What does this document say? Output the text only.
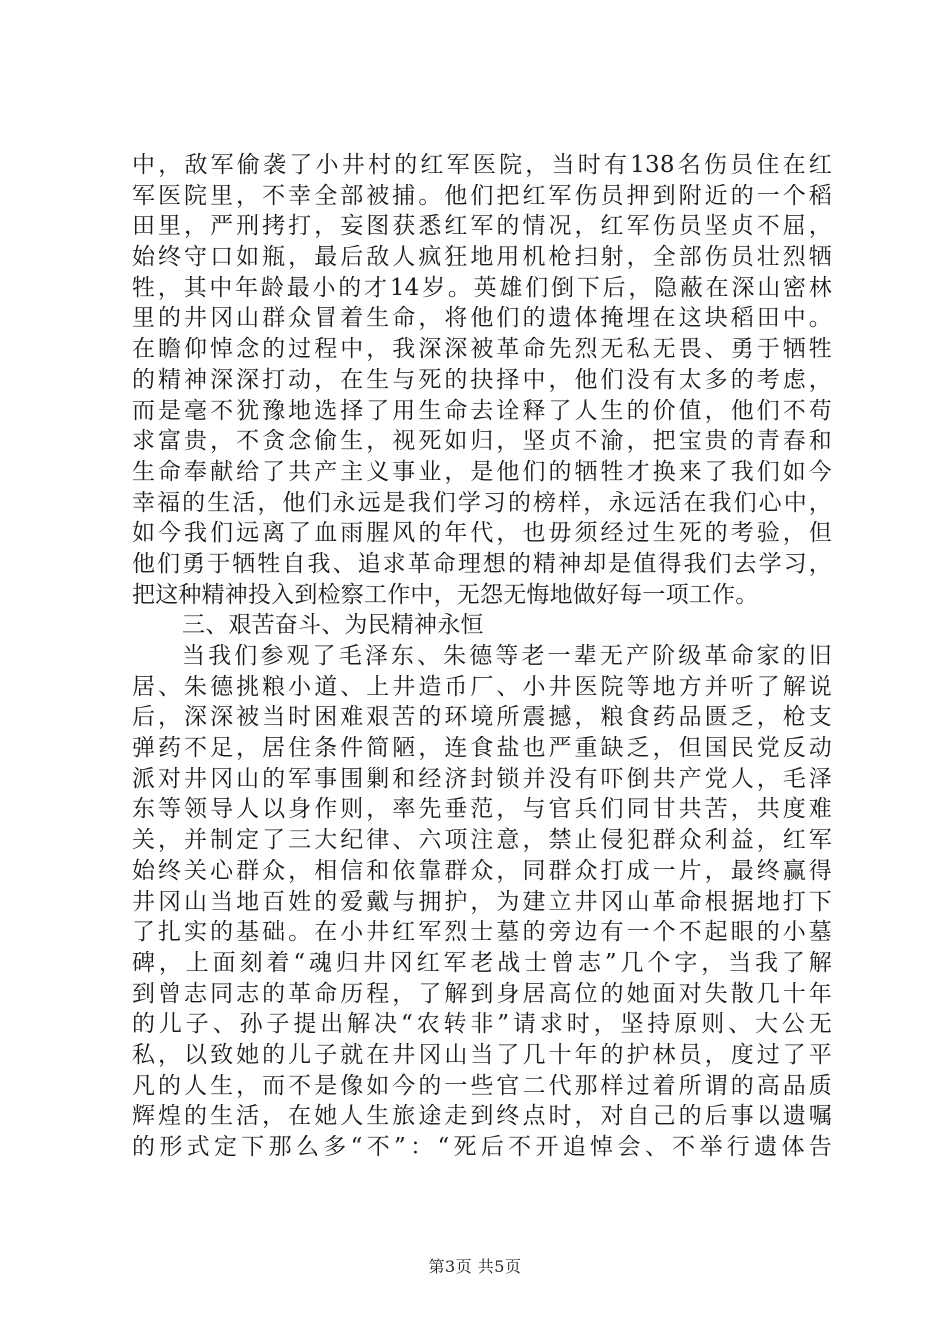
中，敌军偷袭了小井村的红军医院，当时有138名伤员住在红
军医院里，不幸全部被捕。他们把红军伤员押到附近的一个稻
田里，严刑拷打，妄图获悉红军的情况，红军伤员坚贞不屈，
始终守口如瓶，最后敌人疯狂地用机枪扫射，全部伤员壮烈牺
牲，其中年龄最小的才14岁。英雄们倒下后，隐蔽在深山密林
里的井冈山群众冒着生命，将他们的遗体掩埋在这块稻田中。
在瞻仰悼念的过程中，我深深被革命先烈无私无畏、勇于牺牲
的精神深深打动，在生与死的抉择中，他们没有太多的考虑，
而是毫不犹豫地选择了用生命去诠释了人生的价值，他们不苟
求富贵，不贪念偷生，视死如归，坚贞不渝，把宝贵的青春和
生命奉献给了共产主义事业，是他们的牺牲才换来了我们如今
幸福的生活，他们永远是我们学习的榜样，永远活在我们心中，
如今我们远离了血雨腥风的年代，也毋须经过生死的考验，但
他们勇于牺牲自我、追求革命理想的精神却是值得我们去学习，
把这种精神投入到检察工作中，无怨无悔地做好每一项工作。
三、艰苦奋斗、为民精神永恒
当我们参观了毛泽东、朱德等老一辈无产阶级革命家的旧
居、朱德挑粮小道、上井造币厂、小井医院等地方并听了解说
后，深深被当时困难艰苦的环境所震撼，粮食药品匮乏，枪支
弹药不足，居住条件简陋，连食盐也严重缺乏，但国民党反动
派对井冈山的军事围剿和经济封锁并没有吓倒共产党人，毛泽
东等领导人以身作则，率先垂范，与官兵们同甘共苦，共度难
关，并制定了三大纪律、六项注意，禁止侵犯群众利益，红军
始终关心群众，相信和依靠群众，同群众打成一片，最终赢得
井冈山当地百姓的爱戴与拥护，为建立井冈山革命根据地打下
了扎实的基础。在小井红军烈士墓的旁边有一个不起眼的小墓
碑，上面刻着“魂归井冈红军老战士曾志”几个字，当我了解
到曾志同志的革命历程，了解到身居高位的她面对失散几十年
的儿子、孙子提出解决“农转非”请求时，坚持原则、大公无
私，以致她的儿子就在井冈山当了几十年的护林员，度过了平
凡的人生，而不是像如今的一些官二代那样过着所谓的高品质
辉煌的生活，在她人生旅途走到终点时，对自己的后事以遗嘱
的形式定下那么多“不”：“死后不开追悼会、不举行遗体告
第3页 共5页
